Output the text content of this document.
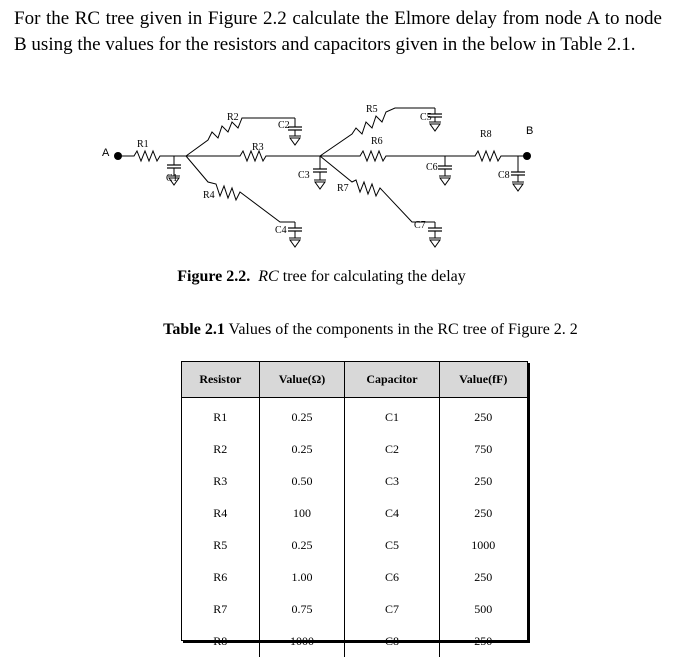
For the RC tree given in Figure 2.2 calculate the Elmore delay from node A to node B using the values for the resistors and capacitors given in the below in Table 2.1.
A
R1
C1
R2
C2
R3
C3
R4
C4
R5
C5
R6
C6
R8
C8
B
R7
C7
Figure 2.2. RC tree for calculating the delay
Table 2.1 Values of the components in the RC tree of Figure 2. 2
Resistor	Value(Ω)	Capacitor	Value(fF)
R1	0.25	C1	250
R2	0.25	C2	750
R3	0.50	C3	250
R4	100	C4	250
R5	0.25	C5	1000
R6	1.00	C6	250
R7	0.75	C7	500
R8	1000	C8	250
